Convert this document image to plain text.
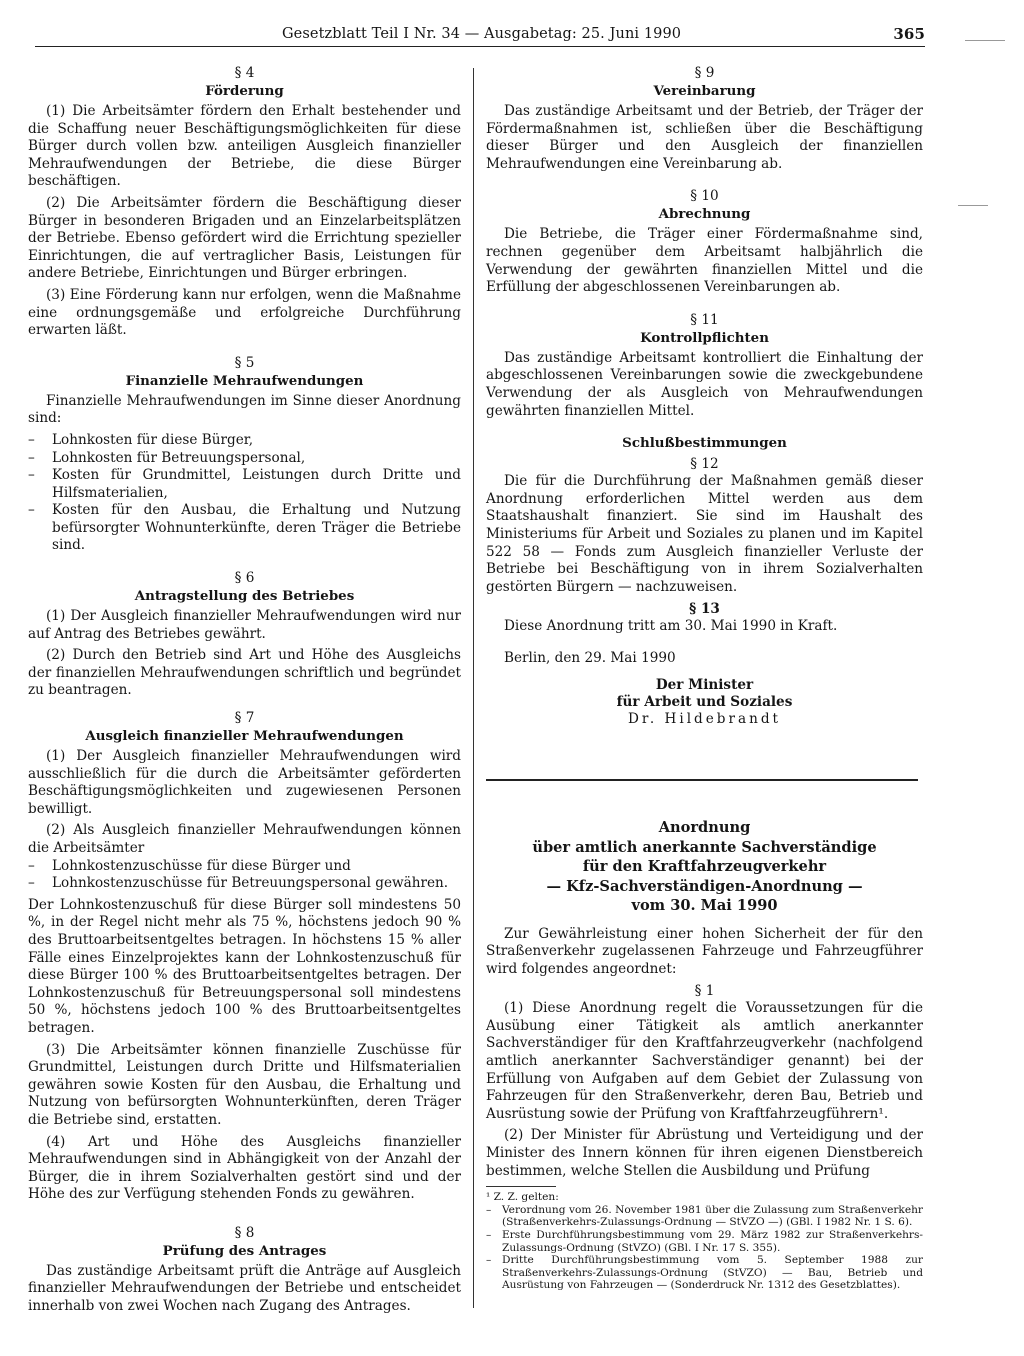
Gesetzblatt Teil I Nr. 34 — Ausgabetag: 25. Juni 1990	365

§ 4

Förderung

(1) Die Arbeitsämter fördern den Erhalt bestehender und die Schaffung neuer Beschäftigungsmöglichkeiten für diese Bürger durch vollen bzw. anteiligen Ausgleich finanzieller Mehraufwendungen der Betriebe, die diese Bürger beschäftigen.

(2) Die Arbeitsämter fördern die Beschäftigung dieser Bürger in besonderen Brigaden und an Einzelarbeitsplätzen der Betriebe. Ebenso gefördert wird die Errichtung spezieller Einrichtungen, die auf vertraglicher Basis, Leistungen für andere Betriebe, Einrichtungen und Bürger erbringen.

(3) Eine Förderung kann nur erfolgen, wenn die Maßnahme eine ordnungsgemäße und erfolgreiche Durchführung erwarten läßt.

§ 5

Finanzielle Mehraufwendungen

Finanzielle Mehraufwendungen im Sinne dieser Anordnung sind:

– Lohnkosten für diese Bürger,
– Lohnkosten für Betreuungspersonal,
– Kosten für Grundmittel, Leistungen durch Dritte und Hilfsmaterialien,
– Kosten für den Ausbau, die Erhaltung und Nutzung befürsorgter Wohnunterkünfte, deren Träger die Betriebe sind.

§ 6

Antragstellung des Betriebes

(1) Der Ausgleich finanzieller Mehraufwendungen wird nur auf Antrag des Betriebes gewährt.

(2) Durch den Betrieb sind Art und Höhe des Ausgleichs der finanziellen Mehraufwendungen schriftlich und begründet zu beantragen.

§ 7

Ausgleich finanzieller Mehraufwendungen

(1) Der Ausgleich finanzieller Mehraufwendungen wird ausschließlich für die durch die Arbeitsämter geförderten Beschäftigungsmöglichkeiten und zugewiesenen Personen bewilligt.

(2) Als Ausgleich finanzieller Mehraufwendungen können die Arbeitsämter

– Lohnkostenzuschüsse für diese Bürger und
– Lohnkostenzuschüsse für Betreuungspersonal gewähren.

Der Lohnkostenzuschuß für diese Bürger soll mindestens 50 %, in der Regel nicht mehr als 75 %, höchstens jedoch 90 % des Bruttoarbeitsentgeltes betragen. In höchstens 15 % aller Fälle eines Einzelprojektes kann der Lohnkostenzuschuß für diese Bürger 100 % des Bruttoarbeitsentgeltes betragen. Der Lohnkostenzuschuß für Betreuungspersonal soll mindestens 50 %, höchstens jedoch 100 % des Bruttoarbeitsentgeltes betragen.

(3) Die Arbeitsämter können finanzielle Zuschüsse für Grundmittel, Leistungen durch Dritte und Hilfsmaterialien gewähren sowie Kosten für den Ausbau, die Erhaltung und Nutzung von befürsorgten Wohnunterkünften, deren Träger die Betriebe sind, erstatten.

(4) Art und Höhe des Ausgleichs finanzieller Mehraufwendungen sind in Abhängigkeit von der Anzahl der Bürger, die in ihrem Sozialverhalten gestört sind und der Höhe des zur Verfügung stehenden Fonds zu gewähren.

§ 8

Prüfung des Antrages

Das zuständige Arbeitsamt prüft die Anträge auf Ausgleich finanzieller Mehraufwendungen der Betriebe und entscheidet innerhalb von zwei Wochen nach Zugang des Antrages.

§ 9

Vereinbarung

Das zuständige Arbeitsamt und der Betrieb, der Träger der Fördermaßnahmen ist, schließen über die Beschäftigung dieser Bürger und den Ausgleich der finanziellen Mehraufwendungen eine Vereinbarung ab.

§ 10

Abrechnung

Die Betriebe, die Träger einer Fördermaßnahme sind, rechnen gegenüber dem Arbeitsamt halbjährlich die Verwendung der gewährten finanziellen Mittel und die Erfüllung der abgeschlossenen Vereinbarungen ab.

§ 11

Kontrollpflichten

Das zuständige Arbeitsamt kontrolliert die Einhaltung der abgeschlossenen Vereinbarungen sowie die zweckgebundene Verwendung der als Ausgleich von Mehraufwendungen gewährten finanziellen Mittel.

Schlußbestimmungen

§ 12

Die für die Durchführung der Maßnahmen gemäß dieser Anordnung erforderlichen Mittel werden aus dem Staatshaushalt finanziert. Sie sind im Haushalt des Ministeriums für Arbeit und Soziales zu planen und im Kapitel 522 58 — Fonds zum Ausgleich finanzieller Verluste der Betriebe bei Beschäftigung von in ihrem Sozialverhalten gestörten Bürgern — nachzuweisen.

§ 13

Diese Anordnung tritt am 30. Mai 1990 in Kraft.

Berlin, den 29. Mai 1990

Der Minister

für Arbeit und Soziales

Dr. Hildebrandt

Anordnung

über amtlich anerkannte Sachverständige

für den Kraftfahrzeugverkehr

— Kfz-Sachverständigen-Anordnung —

vom 30. Mai 1990

Zur Gewährleistung einer hohen Sicherheit der für den Straßenverkehr zugelassenen Fahrzeuge und Fahrzeugführer wird folgendes angeordnet:

§ 1

(1) Diese Anordnung regelt die Voraussetzungen für die Ausübung einer Tätigkeit als amtlich anerkannter Sachverständiger für den Kraftfahrzeugverkehr (nachfolgend amtlich anerkannter Sachverständiger genannt) bei der Erfüllung von Aufgaben auf dem Gebiet der Zulassung von Fahrzeugen für den Straßenverkehr, deren Bau, Betrieb und Ausrüstung sowie der Prüfung von Kraftfahrzeugführern¹.

(2) Der Minister für Abrüstung und Verteidigung und der Minister des Innern können für ihren eigenen Dienstbereich bestimmen, welche Stellen die Ausbildung und Prüfung

¹ Z. Z. gelten:

– Verordnung vom 26. November 1981 über die Zulassung zum Straßenverkehr (Straßenverkehrs-Zulassungs-Ordnung — StVZO —) (GBl. I 1982 Nr. 1 S. 6).

– Erste Durchführungsbestimmung vom 29. März 1982 zur Straßenverkehrs-Zulassungs-Ordnung (StVZO) (GBl. I Nr. 17 S. 355).

– Dritte Durchführungsbestimmung vom 5. September 1988 zur Straßenverkehrs-Zulassungs-Ordnung (StVZO) — Bau, Betrieb und Ausrüstung von Fahrzeugen — (Sonderdruck Nr. 1312 des Gesetzblattes).
